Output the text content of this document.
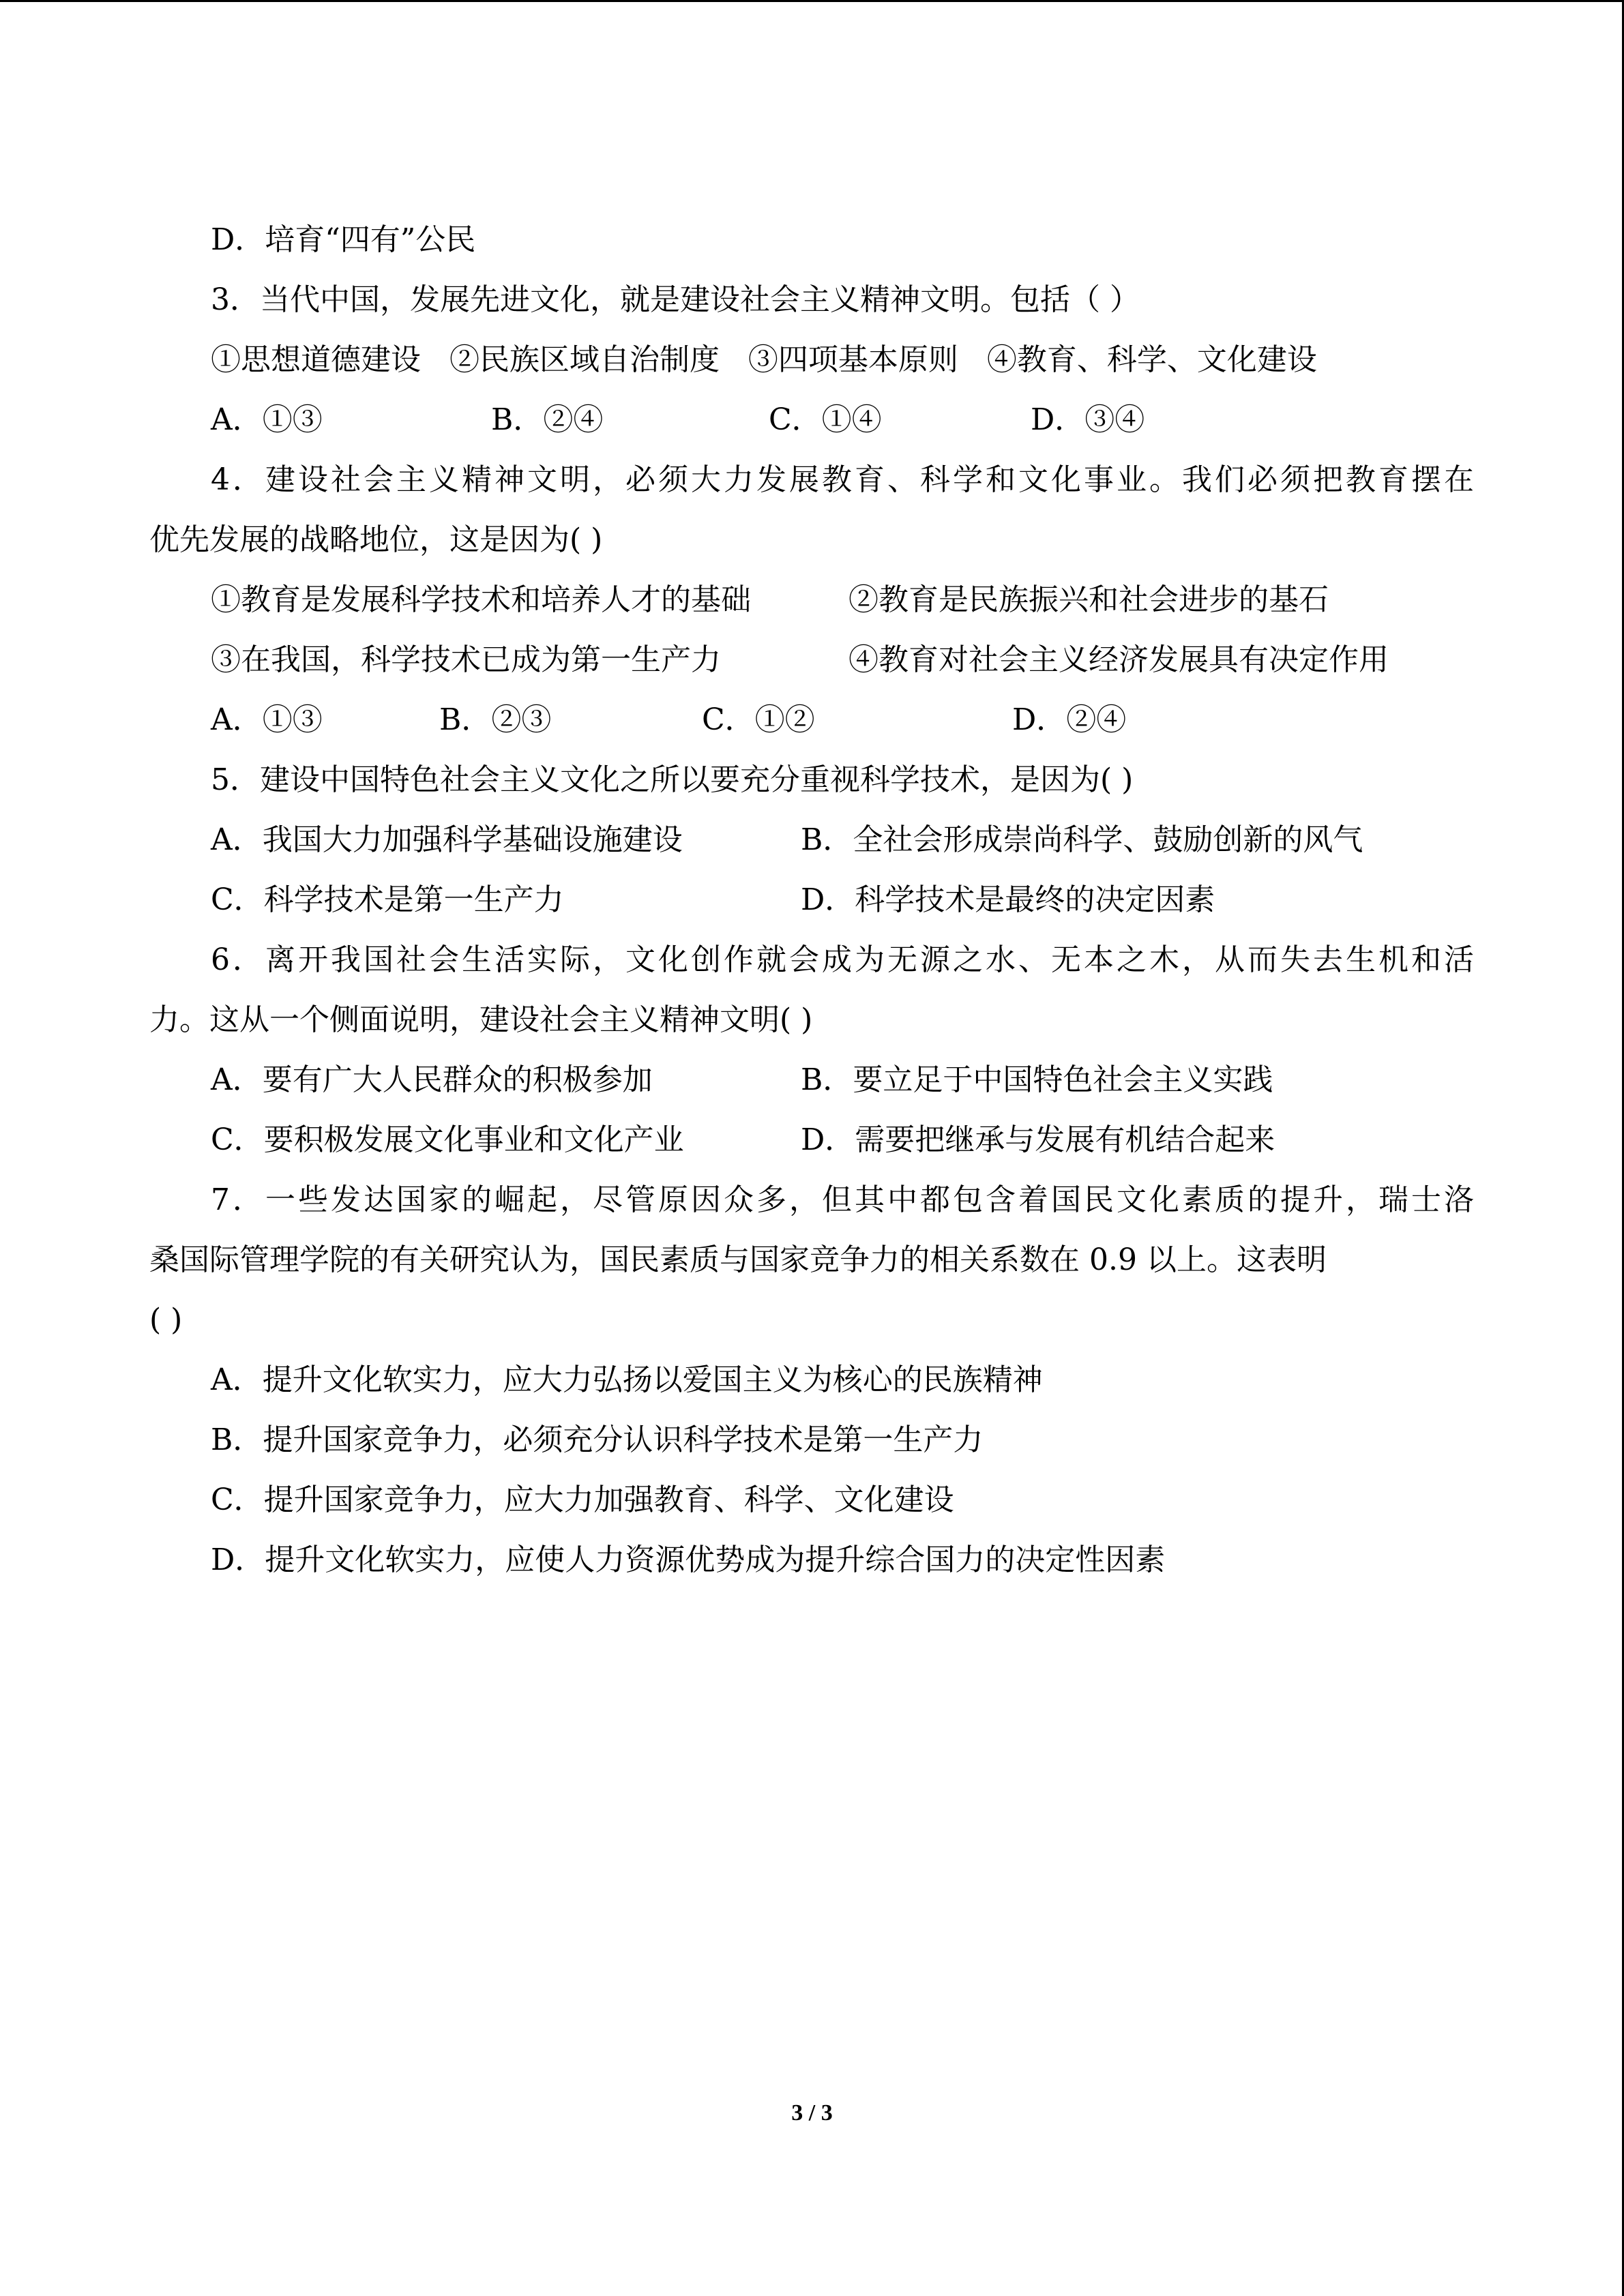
D．培育“四有”公民
3．当代中国，发展先进文化，就是建设社会主义精神文明。包括（ ）
①思想道德建设   ②民族区域自治制度   ③四项基本原则   ④教育、科学、文化建设
A．①③	B．②④	C．①④	D．③④
4．建设社会主义精神文明，必须大力发展教育、科学和文化事业。我们必须把教育摆在
优先发展的战略地位，这是因为( )
①教育是发展科学技术和培养人才的基础	②教育是民族振兴和社会进步的基石
③在我国，科学技术已成为第一生产力	④教育对社会主义经济发展具有决定作用
A．①③	B．②③	C．①②	D．②④
5．建设中国特色社会主义文化之所以要充分重视科学技术，是因为( )
A．我国大力加强科学基础设施建设	B．全社会形成崇尚科学、鼓励创新的风气
C．科学技术是第一生产力	D．科学技术是最终的决定因素
6．离开我国社会生活实际，文化创作就会成为无源之水、无本之木，从而失去生机和活
力。这从一个侧面说明，建设社会主义精神文明( )
A．要有广大人民群众的积极参加	B．要立足于中国特色社会主义实践
C．要积极发展文化事业和文化产业	D．需要把继承与发展有机结合起来
7．一些发达国家的崛起，尽管原因众多，但其中都包含着国民文化素质的提升，瑞士洛
桑国际管理学院的有关研究认为，国民素质与国家竞争力的相关系数在 0.9 以上。这表明
( )
A．提升文化软实力，应大力弘扬以爱国主义为核心的民族精神
B．提升国家竞争力，必须充分认识科学技术是第一生产力
C．提升国家竞争力，应大力加强教育、科学、文化建设
D．提升文化软实力，应使人力资源优势成为提升综合国力的决定性因素
3 / 3
